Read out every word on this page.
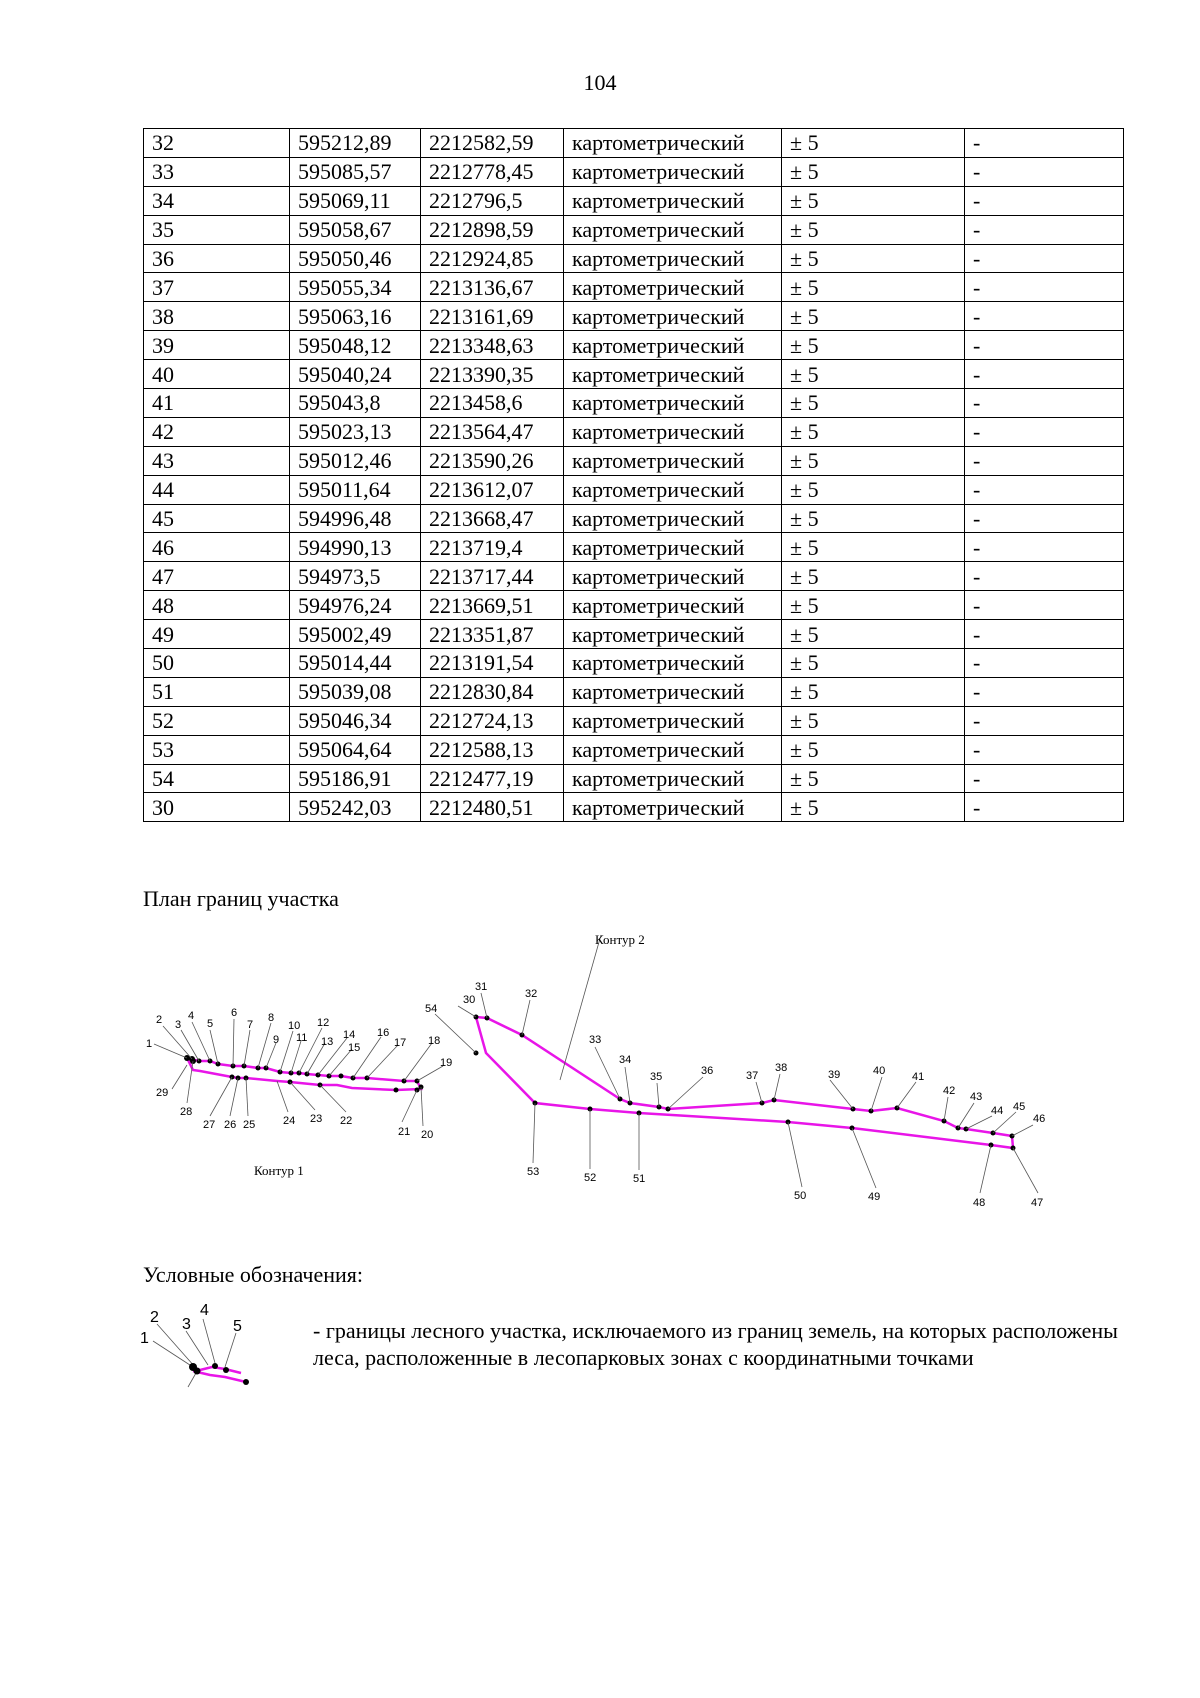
104
32	595212,89	2212582,59	картометрический	± 5	-
33	595085,57	2212778,45	картометрический	± 5	-
34	595069,11	2212796,5	картометрический	± 5	-
35	595058,67	2212898,59	картометрический	± 5	-
36	595050,46	2212924,85	картометрический	± 5	-
37	595055,34	2213136,67	картометрический	± 5	-
38	595063,16	2213161,69	картометрический	± 5	-
39	595048,12	2213348,63	картометрический	± 5	-
40	595040,24	2213390,35	картометрический	± 5	-
41	595043,8	2213458,6	картометрический	± 5	-
42	595023,13	2213564,47	картометрический	± 5	-
43	595012,46	2213590,26	картометрический	± 5	-
44	595011,64	2213612,07	картометрический	± 5	-
45	594996,48	2213668,47	картометрический	± 5	-
46	594990,13	2213719,4	картометрический	± 5	-
47	594973,5	2213717,44	картометрический	± 5	-
48	594976,24	2213669,51	картометрический	± 5	-
49	595002,49	2213351,87	картометрический	± 5	-
50	595014,44	2213191,54	картометрический	± 5	-
51	595039,08	2212830,84	картометрический	± 5	-
52	595046,34	2212724,13	картометрический	± 5	-
53	595064,64	2212588,13	картометрический	± 5	-
54	595186,91	2212477,19	картометрический	± 5	-
30	595242,03	2212480,51	картометрический	± 5	-
План границ участка
1
2 3
4
5
6
7
8
9
10
11
12
13
14
15
16
17 18
19
20
21
22
23
24
25
26
27
28
29
30
31
32
33
34
35	36	37
38
39	40 41
42 43
44 45
46
47
48
49
50
51
52
53
54
Контур 1
Контур 2
Условные обозначения:
1
2 3
4
5	- границы лесного участка, исключаемого из границ земель, на которых расположены леса, расположенные в лесопарковых зонах с координатными точками
